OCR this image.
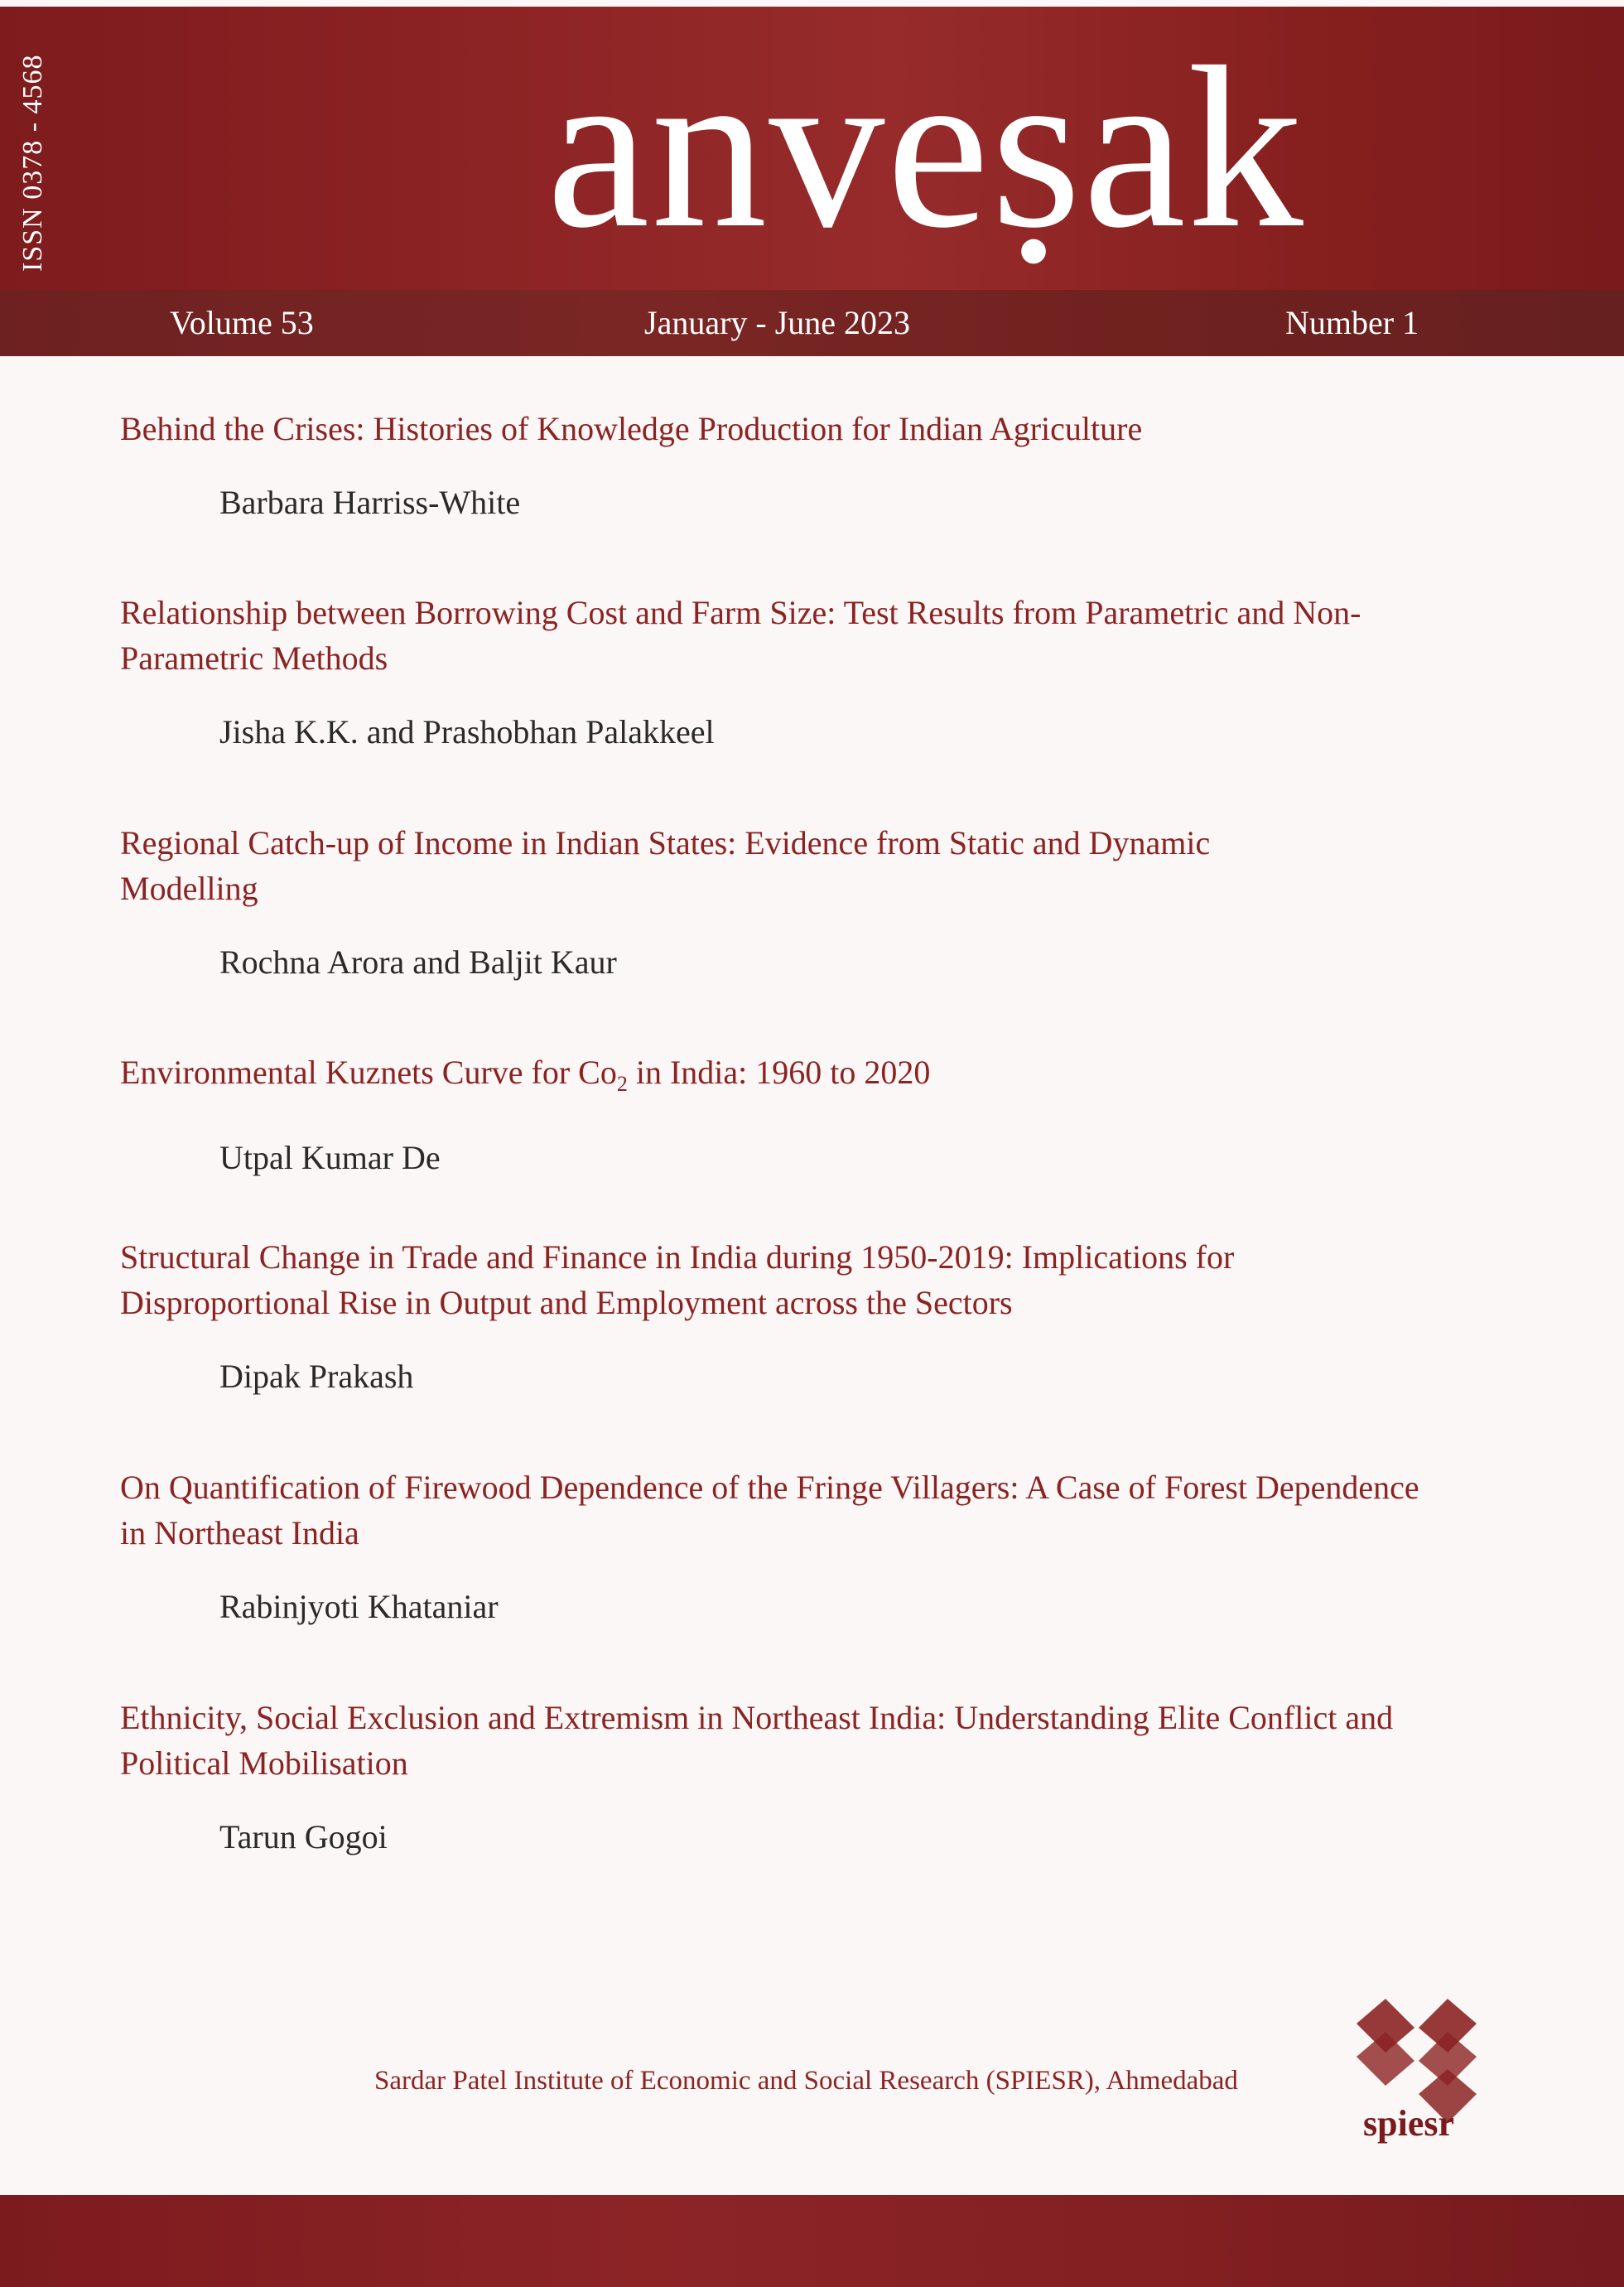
ISSN 0378 - 4568 anveṣak
Volume 53	January - June 2023	Number 1

Behind the Crises: Histories of Knowledge Production for Indian Agriculture

Barbara Harriss-White

Relationship between Borrowing Cost and Farm Size: Test Results from Parametric and Non-Parametric Methods

Jisha K.K. and Prashobhan Palakkeel

Regional Catch-up of Income in Indian States: Evidence from Static and Dynamic Modelling

Rochna Arora and Baljit Kaur

Environmental Kuznets Curve for $Co_2$ in India: 1960 to 2020

Utpal Kumar De

Structural Change in Trade and Finance in India during 1950-2019: Implications for Disproportional Rise in Output and Employment across the Sectors

Dipak Prakash

On Quantification of Firewood Dependence of the Fringe Villagers: A Case of Forest Dependence in Northeast India

Rabinjyoti Khataniar

Ethnicity, Social Exclusion and Extremism in Northeast India: Understanding Elite Conflict and Political Mobilisation

Tarun Gogoi

Sardar Patel Institute of Economic and Social Research (SPIESR), Ahmedabad
spiesr
